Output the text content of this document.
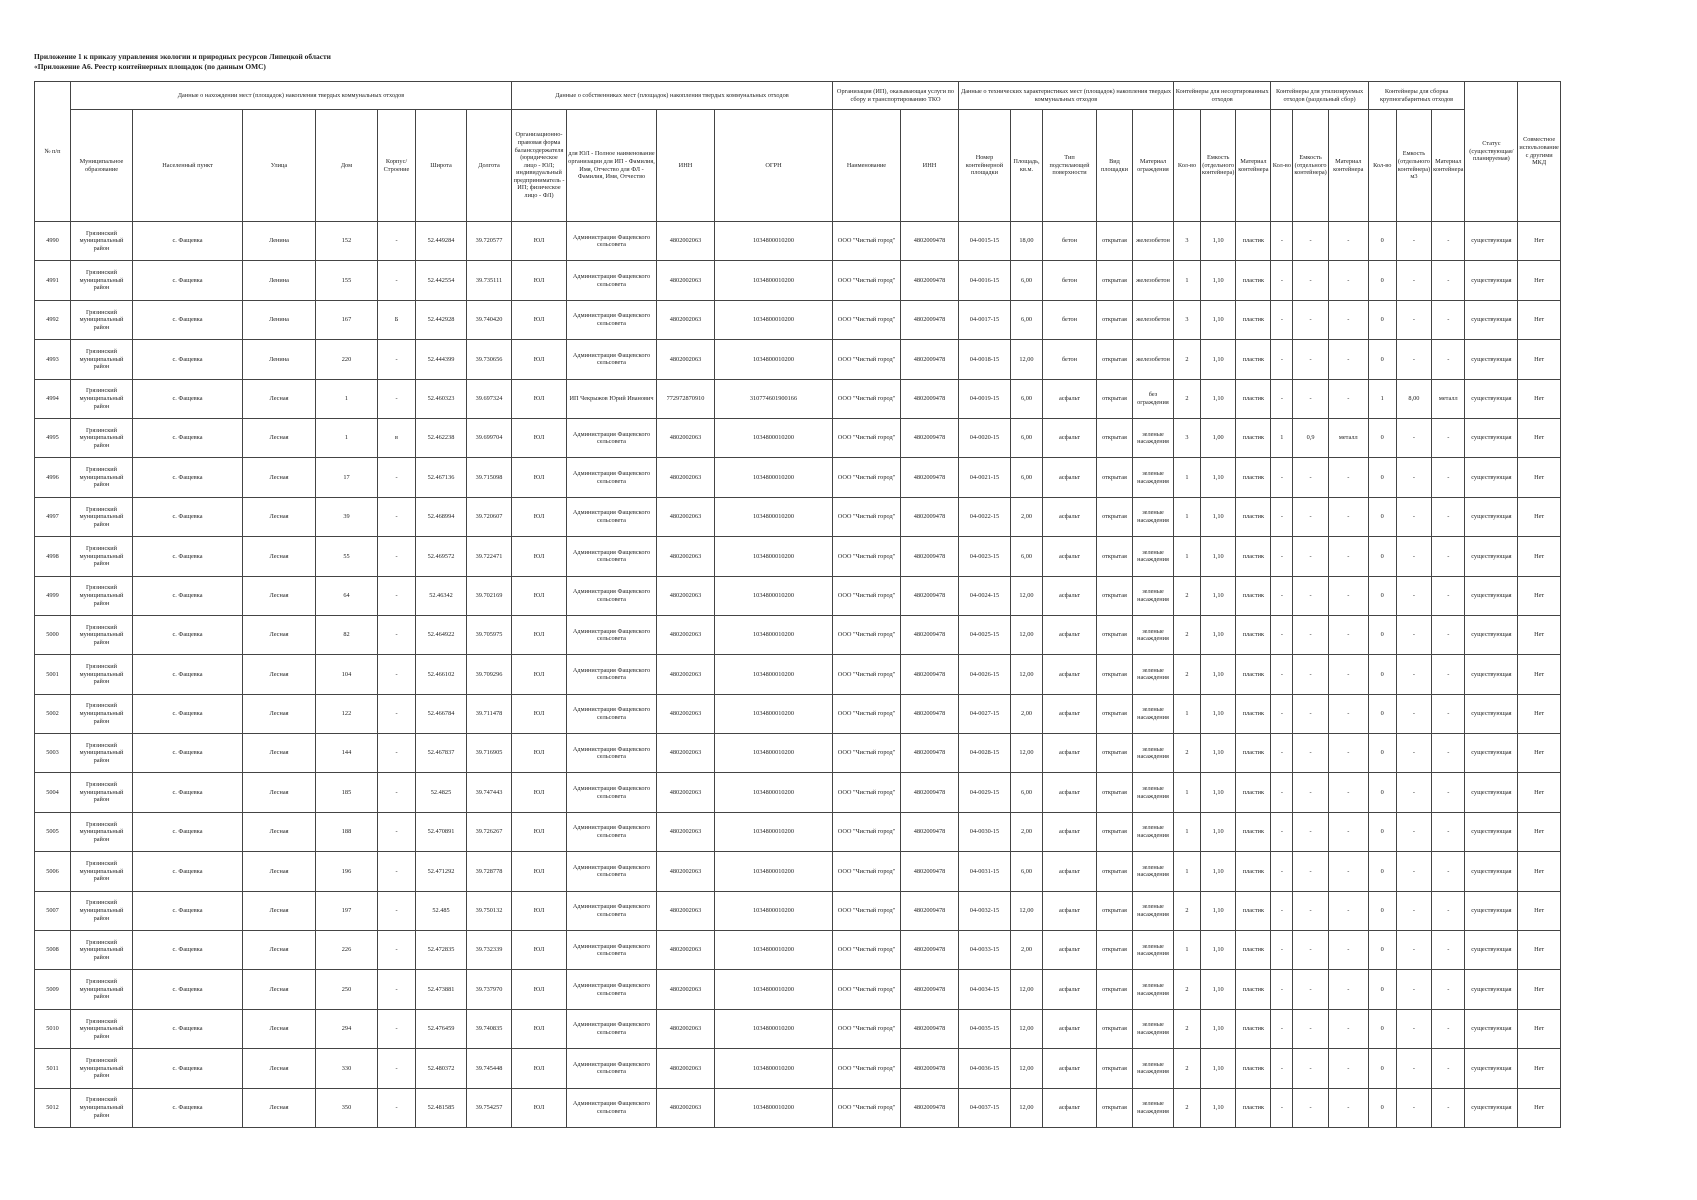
Приложение 1 к приказу управления экологии и природных ресурсов Липецкой области
«Приложение А6. Реестр контейнерных площадок (по данным ОМС)
№ п/п	Данные о нахождении мест (площадок) накопления твердых коммунальных отходов							Данные о собственниках мест (площадок) накопления твердых коммунальных отходов				Организация (ИП), оказывающая услуги по сбору и транспортированию ТКО		Данные о технических характеристиках мест (площадок) накопления твердых коммунальных отходов					Контейнеры для несортированных отходов			Контейнеры для утилизируемых отходов (раздельный сбор)			Контейнеры для сборка крупногабаритных отходов			Статус (существующая/ планируемая)	Совместное использование с другими МКД
	Муниципальное образование	Населенный пункт	Улица	Дом	Корпус/Строение	Широта	Долгота	Организационно-правовая форма балансодержателя (юридическое лицо - ЮЛ; индивидуальный предприниматель - ИП; физическое лицо - ФЛ)	для ЮЛ - Полное наименование организации для ИП - Фамилия, Имя, Отчество для ФЛ - Фамилия, Имя, Отчество	ИНН	ОГРН	Наименование	ИНН	Номер контейнерной площадки	Площадь, кв.м.	Тип подстилающей поверхности	Вид площадки	Материал ограждения	Кол-во	Емкость (отдельного контейнера)	Материал контейнера	Кол-во	Емкость (отдельного контейнера)	Материал контейнера	Кол-во	Емкость (отдельного контейнера) м3	Материал контейнера		
4990	Грязинский муниципальный район	с. Фащевка	Ленина	152	-	52.449284	39.720577	ЮЛ	Администрация Фащевского сельсовета	4802002063	1034800010200	ООО "Чистый город"	4802009478	04-0015-15	18,00	бетон	открытая	железобетон	3	1,10	пластик	-	-	-	0	-	-	существующая	Нет
4991	Грязинский муниципальный район	с. Фащевка	Ленина	155	-	52.442554	39.735111	ЮЛ	Администрация Фащевского сельсовета	4802002063	1034800010200	ООО "Чистый город"	4802009478	04-0016-15	6,00	бетон	открытая	железобетон	1	1,10	пластик	-	-	-	0	-	-	существующая	Нет
4992	Грязинский муниципальный район	с. Фащевка	Ленина	167	Б	52.442928	39.740420	ЮЛ	Администрация Фащевского сельсовета	4802002063	1034800010200	ООО "Чистый город"	4802009478	04-0017-15	6,00	бетон	открытая	железобетон	3	1,10	пластик	-	-	-	0	-	-	существующая	Нет
4993	Грязинский муниципальный район	с. Фащевка	Ленина	220	-	52.444399	39.730656	ЮЛ	Администрация Фащевского сельсовета	4802002063	1034800010200	ООО "Чистый город"	4802009478	04-0018-15	12,00	бетон	открытая	железобетон	2	1,10	пластик	-	-	-	0	-	-	существующая	Нет
4994	Грязинский муниципальный район	с. Фащевка	Лесная	1	-	52.460323	39.697324	ЮЛ	ИП Чекрыжов Юрий Иванович	772972870910	310774601900166	ООО "Чистый город"	4802009478	04-0019-15	6,00	асфальт	открытая	без ограждения	2	1,10	пластик	-	-	-	1	8,00	металл	существующая	Нет
4995	Грязинский муниципальный район	с. Фащевка	Лесная	1	в	52.462238	39.699704	ЮЛ	Администрация Фащевского сельсовета	4802002063	1034800010200	ООО "Чистый город"	4802009478	04-0020-15	6,00	асфальт	открытая	зеленые насаждения	3	1,00	пластик	1	0,9	металл	0	-	-	существующая	Нет
4996	Грязинский муниципальный район	с. Фащевка	Лесная	17	-	52.467136	39.715098	ЮЛ	Администрация Фащевского сельсовета	4802002063	1034800010200	ООО "Чистый город"	4802009478	04-0021-15	6,00	асфальт	открытая	зеленые насаждения	1	1,10	пластик	-	-	-	0	-	-	существующая	Нет
4997	Грязинский муниципальный район	с. Фащевка	Лесная	39	-	52.468994	39.720607	ЮЛ	Администрация Фащевского сельсовета	4802002063	1034800010200	ООО "Чистый город"	4802009478	04-0022-15	2,00	асфальт	открытая	зеленые насаждения	1	1,10	пластик	-	-	-	0	-	-	существующая	Нет
4998	Грязинский муниципальный район	с. Фащевка	Лесная	55	-	52.469572	39.722471	ЮЛ	Администрация Фащевского сельсовета	4802002063	1034800010200	ООО "Чистый город"	4802009478	04-0023-15	6,00	асфальт	открытая	зеленые насаждения	1	1,10	пластик	-	-	-	0	-	-	существующая	Нет
4999	Грязинский муниципальный район	с. Фащевка	Лесная	64	-	52.46342	39.702169	ЮЛ	Администрация Фащевского сельсовета	4802002063	1034800010200	ООО "Чистый город"	4802009478	04-0024-15	12,00	асфальт	открытая	зеленые насаждения	2	1,10	пластик	-	-	-	0	-	-	существующая	Нет
5000	Грязинский муниципальный район	с. Фащевка	Лесная	82	-	52.464922	39.705975	ЮЛ	Администрация Фащевского сельсовета	4802002063	1034800010200	ООО "Чистый город"	4802009478	04-0025-15	12,00	асфальт	открытая	зеленые насаждения	2	1,10	пластик	-	-	-	0	-	-	существующая	Нет
5001	Грязинский муниципальный район	с. Фащевка	Лесная	104	-	52.466102	39.709296	ЮЛ	Администрация Фащевского сельсовета	4802002063	1034800010200	ООО "Чистый город"	4802009478	04-0026-15	12,00	асфальт	открытая	зеленые насаждения	2	1,10	пластик	-	-	-	0	-	-	существующая	Нет
5002	Грязинский муниципальный район	с. Фащевка	Лесная	122	-	52.466784	39.711478	ЮЛ	Администрация Фащевского сельсовета	4802002063	1034800010200	ООО "Чистый город"	4802009478	04-0027-15	2,00	асфальт	открытая	зеленые насаждения	1	1,10	пластик	-	-	-	0	-	-	существующая	Нет
5003	Грязинский муниципальный район	с. Фащевка	Лесная	144	-	52.467837	39.716905	ЮЛ	Администрация Фащевского сельсовета	4802002063	1034800010200	ООО "Чистый город"	4802009478	04-0028-15	12,00	асфальт	открытая	зеленые насаждения	2	1,10	пластик	-	-	-	0	-	-	существующая	Нет
5004	Грязинский муниципальный район	с. Фащевка	Лесная	185	-	52.4825	39.747443	ЮЛ	Администрация Фащевского сельсовета	4802002063	1034800010200	ООО "Чистый город"	4802009478	04-0029-15	6,00	асфальт	открытая	зеленые насаждения	1	1,10	пластик	-	-	-	0	-	-	существующая	Нет
5005	Грязинский муниципальный район	с. Фащевка	Лесная	188	-	52.470891	39.726267	ЮЛ	Администрация Фащевского сельсовета	4802002063	1034800010200	ООО "Чистый город"	4802009478	04-0030-15	2,00	асфальт	открытая	зеленые насаждения	1	1,10	пластик	-	-	-	0	-	-	существующая	Нет
5006	Грязинский муниципальный район	с. Фащевка	Лесная	196	-	52.471292	39.728778	ЮЛ	Администрация Фащевского сельсовета	4802002063	1034800010200	ООО "Чистый город"	4802009478	04-0031-15	6,00	асфальт	открытая	зеленые насаждения	1	1,10	пластик	-	-	-	0	-	-	существующая	Нет
5007	Грязинский муниципальный район	с. Фащевка	Лесная	197	-	52.485	39.750132	ЮЛ	Администрация Фащевского сельсовета	4802002063	1034800010200	ООО "Чистый город"	4802009478	04-0032-15	12,00	асфальт	открытая	зеленые насаждения	2	1,10	пластик	-	-	-	0	-	-	существующая	Нет
5008	Грязинский муниципальный район	с. Фащевка	Лесная	226	-	52.472835	39.732339	ЮЛ	Администрация Фащевского сельсовета	4802002063	1034800010200	ООО "Чистый город"	4802009478	04-0033-15	2,00	асфальт	открытая	зеленые насаждения	1	1,10	пластик	-	-	-	0	-	-	существующая	Нет
5009	Грязинский муниципальный район	с. Фащевка	Лесная	250	-	52.473881	39.737970	ЮЛ	Администрация Фащевского сельсовета	4802002063	1034800010200	ООО "Чистый город"	4802009478	04-0034-15	12,00	асфальт	открытая	зеленые насаждения	2	1,10	пластик	-	-	-	0	-	-	существующая	Нет
5010	Грязинский муниципальный район	с. Фащевка	Лесная	294	-	52.476459	39.740835	ЮЛ	Администрация Фащевского сельсовета	4802002063	1034800010200	ООО "Чистый город"	4802009478	04-0035-15	12,00	асфальт	открытая	зеленые насаждения	2	1,10	пластик	-	-	-	0	-	-	существующая	Нет
5011	Грязинский муниципальный район	с. Фащевка	Лесная	330	-	52.480372	39.745448	ЮЛ	Администрация Фащевского сельсовета	4802002063	1034800010200	ООО "Чистый город"	4802009478	04-0036-15	12,00	асфальт	открытая	зеленые насаждения	2	1,10	пластик	-	-	-	0	-	-	существующая	Нет
5012	Грязинский муниципальный район	с. Фащевка	Лесная	350	-	52.481585	39.754257	ЮЛ	Администрация Фащевского сельсовета	4802002063	1034800010200	ООО "Чистый город"	4802009478	04-0037-15	12,00	асфальт	открытая	зеленые насаждения	2	1,10	пластик	-	-	-	0	-	-	существующая	Нет
